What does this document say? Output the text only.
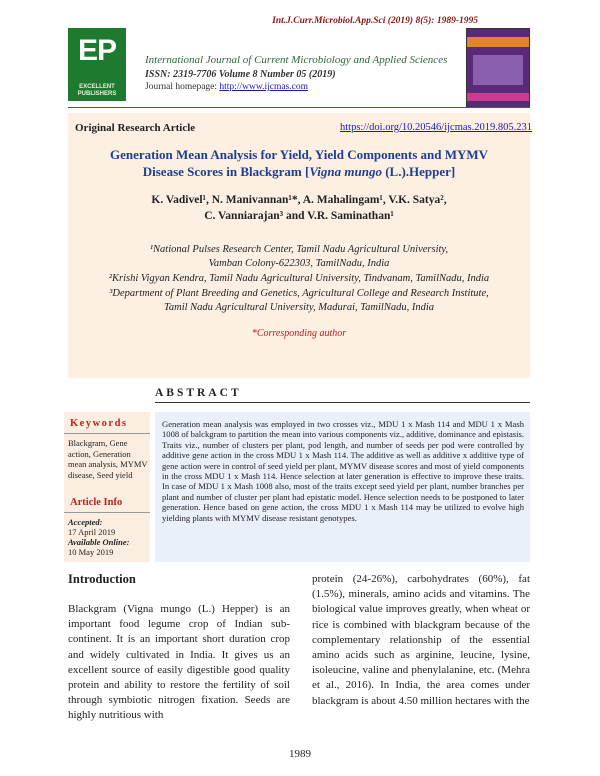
Int.J.Curr.Microbiol.App.Sci (2019) 8(5): 1989-1995
EP
EXCELLENT PUBLISHERS
International Journal of Current Microbiology and Applied Sciences
ISSN: 2319-7706 Volume 8 Number 05 (2019)
Journal homepage: http://www.ijcmas.com
Original Research Article	https://doi.org/10.20546/ijcmas.2019.805.231
Generation Mean Analysis for Yield, Yield Components and MYMV
Disease Scores in Blackgram [Vigna mungo (L.).Hepper]
K. Vadivel¹, N. Manivannan¹*, A. Mahalingam¹, V.K. Satya²,
C. Vanniarajan³ and V.R. Saminathan¹
¹National Pulses Research Center, Tamil Nadu Agricultural University,
Vamban Colony-622303, TamilNadu, India
²Krishi Vigyan Kendra, Tamil Nadu Agricultural University, Tindvanam, TamilNadu, India
³Department of Plant Breeding and Genetics, Agricultural College and Research Institute,
Tamil Nadu Agricultural University, Madurai, TamilNadu, India
*Corresponding author
ABSTRACT
Keywords
Blackgram, Gene action, Generation mean analysis, MYMV disease, Seed yield
Article Info
Accepted:
17 April 2019
Available Online:
10 May 2019
Generation mean analysis was employed in two crosses viz., MDU 1 x Mash 114 and MDU 1 x Mash 1008 of balckgram to partition the mean into various components viz., additive, dominance and epistasis. Traits viz., number of clusters per plant, pod length, and number of seeds per pod were controlled by additive gene action in the cross MDU 1 x Mash 114. The additive as well as additive x additive type of gene action were in control of seed yield per plant, MYMV disease scores and most of yield components in the cross MDU 1 x Mash 114. Hence selection at later generation is effective to improve these traits. In case of MDU 1 x Mash 1008 also, most of the traits except seed yield per plant, number branches per plant and number of cluster per plant had epistatic model. Hence selection needs to be postponed to later generation. Hence based on gene action, the cross MDU 1 x Mash 114 may be utilized to evolve high yielding plants with MYMV disease resistant genotypes.
Introduction
Blackgram (Vigna mungo (L.) Hepper) is an important food legume crop of Indian sub-continent. It is an important short duration crop and widely cultivated in India. It gives us an excellent source of easily digestible good quality protein and ability to restore the fertility of soil through symbiotic nitrogen fixation. Seeds are highly nutritious with
protein (24-26%), carbohydrates (60%), fat (1.5%), minerals, amino acids and vitamins. The biological value improves greatly, when wheat or rice is combined with blackgram because of the complementary relationship of the essential amino acids such as arginine, leucine, lysine, isoleucine, valine and phenylalanine, etc. (Mehra et al., 2016). In India, the area comes under blackgram is about 4.50 million hectares with the
1989
